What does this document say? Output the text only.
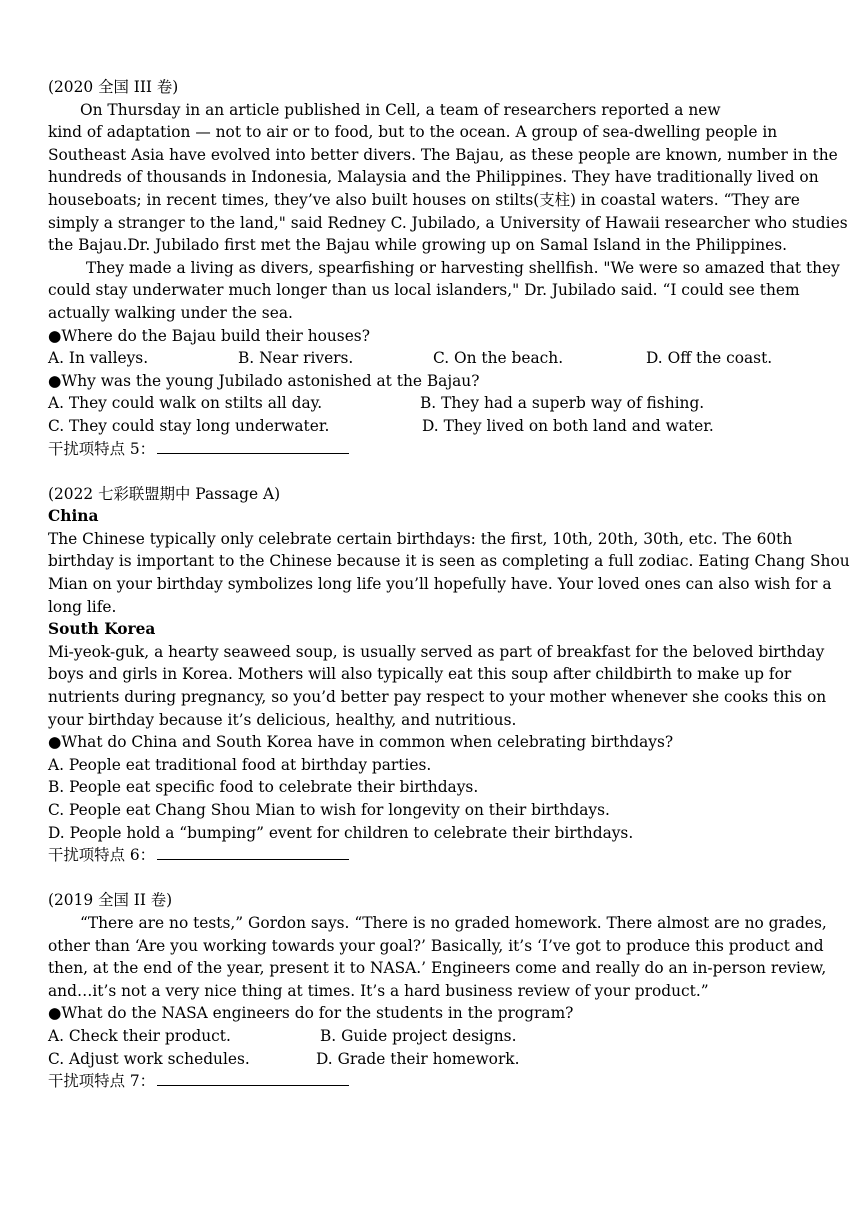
(2020 全国 III 卷)
On Thursday in an article published in Cell, a team of researchers reported a new
kind of adaptation — not to air or to food, but to the ocean. A group of sea-dwelling people in
Southeast Asia have evolved into better divers. The Bajau, as these people are known, number in the
hundreds of thousands in Indonesia, Malaysia and the Philippines. They have traditionally lived on
houseboats; in recent times, they’ve also built houses on stilts(支柱) in coastal waters. “They are
simply a stranger to the land," said Redney C. Jubilado, a University of Hawaii researcher who studies
the Bajau.Dr. Jubilado first met the Bajau while growing up on Samal Island in the Philippines.
They made a living as divers, spearfishing or harvesting shellfish. "We were so amazed that they
could stay underwater much longer than us local islanders," Dr. Jubilado said. “I could see them
actually walking under the sea.
●Where do the Bajau build their houses?
A. In valleys.	B. Near rivers.	C. On the beach.	D. Off the coast.
●Why was the young Jubilado astonished at the Bajau?
A. They could walk on stilts all day.	B. They had a superb way of fishing.
C. They could stay long underwater.	D. They lived on both land and water.
干扰项特点 5：
(2022 七彩联盟期中 Passage A)
China
The Chinese typically only celebrate certain birthdays: the first, 10th, 20th, 30th, etc. The 60th
birthday is important to the Chinese because it is seen as completing a full zodiac. Eating Chang Shou
Mian on your birthday symbolizes long life you’ll hopefully have. Your loved ones can also wish for a
long life.
South Korea
Mi-yeok-guk, a hearty seaweed soup, is usually served as part of breakfast for the beloved birthday
boys and girls in Korea. Mothers will also typically eat this soup after childbirth to make up for
nutrients during pregnancy, so you’d better pay respect to your mother whenever she cooks this on
your birthday because it’s delicious, healthy, and nutritious.
●What do China and South Korea have in common when celebrating birthdays?
A. People eat traditional food at birthday parties.
B. People eat specific food to celebrate their birthdays.
C. People eat Chang Shou Mian to wish for longevity on their birthdays.
D. People hold a “bumping” event for children to celebrate their birthdays.
干扰项特点 6：
(2019 全国 II 卷)
“There are no tests,” Gordon says. “There is no graded homework. There almost are no grades,
other than ‘Are you working towards your goal?’ Basically, it’s ‘I’ve got to produce this product and
then, at the end of the year, present it to NASA.’ Engineers come and really do an in-person review,
and…it’s not a very nice thing at times. It’s a hard business review of your product.”
●What do the NASA engineers do for the students in the program?
A. Check their product.	B. Guide project designs.
C. Adjust work schedules.	D. Grade their homework.
干扰项特点 7：
